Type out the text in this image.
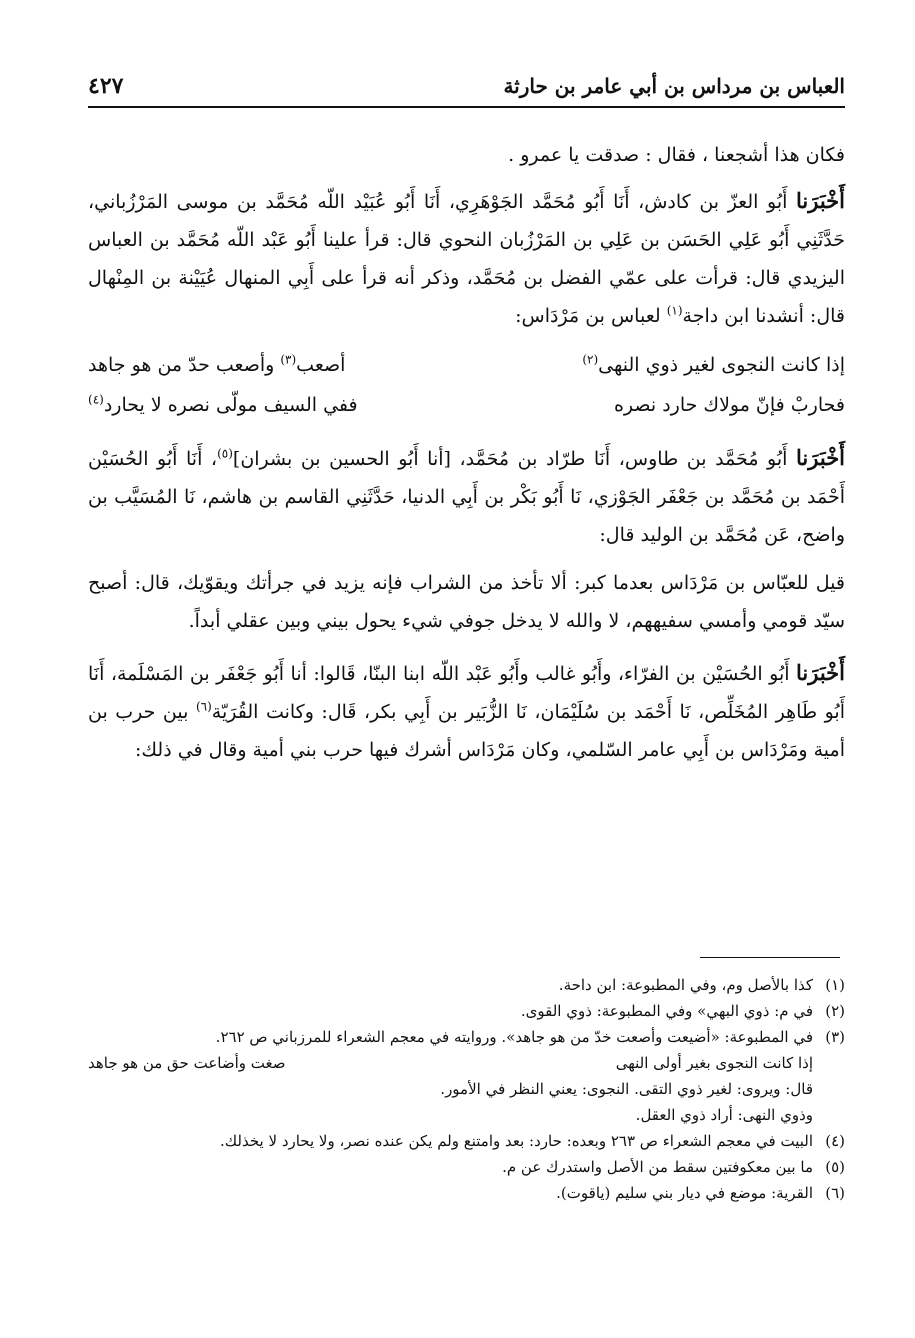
العباس بن مرداس بن أبي عامر بن حارثة
٤٢٧

فكان هذا أشجعنا ، فقال : صدقت يا عمرو .

أَخْبَرَنا أَبُو العزّ بن كادش، أَنَا أَبُو مُحَمَّد الجَوْهَرِي، أَنَا أَبُو عُبَيْد اللّه مُحَمَّد بن موسى المَرْزُباني، حَدَّثَنِي أَبُو عَلِي الحَسَن بن عَلِي بن المَرْزُبان النحوي قال: قرأ علينا أَبُو عَبْد اللّه مُحَمَّد بن العباس اليزيدي قال: قرأت على عمّي الفضل بن مُحَمَّد، وذكر أنه قرأ على أَبِي المنهال عُيَيْنة بن المِنْهال قال: أنشدنا ابن داجة$^{(١)}$ لعباس بن مَرْدَاس:

إذا كانت النجوى لغير ذوي النهى$^{(٢)}$
أصعب$^{(٣)}$ وأصعب حدّ من هو جاهد
فحاربْ فإنّ مولاك حارد نصره
ففي السيف مولّى نصره لا يحارد$^{(٤)}$

أَخْبَرَنا أَبُو مُحَمَّد بن طاوس، أَنَا طرّاد بن مُحَمَّد، [أنا أَبُو الحسين بن بشران]$^{(٥)}$، أَنَا أَبُو الحُسَيْن أَحْمَد بن مُحَمَّد بن جَعْفَر الجَوْزي، نَا أَبُو بَكْر بن أَبِي الدنيا، حَدَّثَنِي القاسم بن هاشم، نَا المُسَيَّب بن واضح، عَن مُحَمَّد بن الوليد قال:

قيل للعبّاس بن مَرْدَاس بعدما كبر: ألا تأخذ من الشراب فإنه يزيد في جرأتك ويقوّيك، قال: أصبح سيّد قومي وأمسي سفيههم، لا والله لا يدخل جوفي شيء يحول بيني وبين عقلي أبداً.

أَخْبَرَنا أَبُو الحُسَيْن بن الفرّاء، وأَبُو غالب وأَبُو عَبْد اللّه ابنا البنّا، قَالوا: أنا أَبُو جَعْفَر بن المَسْلَمة، أَنَا أَبُو طَاهِر المُخَلِّص، نَا أَحْمَد بن سُلَيْمَان، نَا الزُّبَير بن أَبِي بكر، قَال: وكانت القُرَيّة$^{(٦)}$ بين حرب بن أمية ومَرْدَاس بن أَبِي عامر السّلمي، وكان مَرْدَاس أشرك فيها حرب بني أمية وقال في ذلك:

(١)
كذا بالأصل وم، وفي المطبوعة: ابن داحة.
(٢)
في م: ذوي البهي» وفي المطبوعة: ذوي القوى.
(٣)
في المطبوعة: «أضيعت وأصعت خدّ من هو جاهد». وروايته في معجم الشعراء للمرزباني ص ٢٦٢.
إذا كانت النجوى بغير أولى النهى
صغت وأضاعت حق من هو جاهد
قال: ويروى: لغير ذوي التقى. النجوى: يعني النظر في الأمور.
وذوي النهى: أراد ذوي العقل.
(٤)
البيت في معجم الشعراء ص ٢٦٣ وبعده: حارد: بعد وامتنع ولم يكن عنده نصر، ولا يحارد لا يخذلك.
(٥)
ما بين معكوفتين سقط من الأصل واستدرك عن م.
(٦)
القرية: موضع في ديار بني سليم (ياقوت).
